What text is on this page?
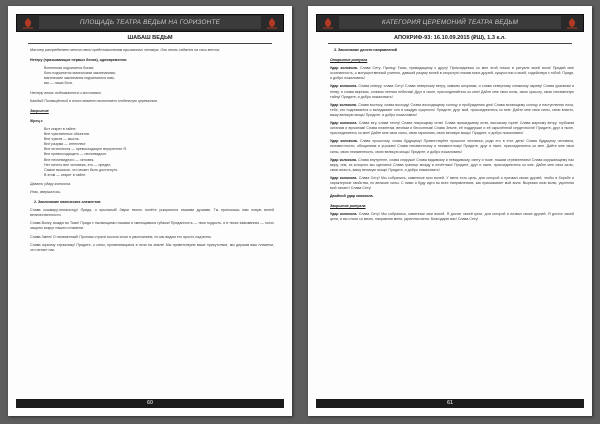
ПЛОЩАДЬ ТЕАТРА ВЕДЬМ НА ГОРИЗОНТЕ
ШАБАШ ВЕДЬМ

Мастер распределяет места пяти представителям призванных четверг. Они вновь садятся на свои места.

Нетеру (призывающие первых богов), одновременно:

Вселенная подчинится богам;

боги подчинятся магическим заклинаниям;

магические заклинания подчиняются нам;

мы — наши боги.

Нетеру вновь поднимаются и восславят.

Каждый Посвящённый в этот момент выполняет отдельную церемонию.

Закрытие

Жрец с

Вот секрет в тайне:

Вне чувственных объектов.

Вне чувств — мысль.

Вне разума — интеллект.

Вне интеллекта — превосходящее внутреннее Я.

Вне превосходящего — неочевидное.

Вне неочевидного — человек.

Нет ничего вне человека, это — предел,

Самое высокое, что может быть достигнуто.

В этом — секрет в тайне.

Давать удару колокола.

Итак, свершилось.

2. Заклинание магических элементов

Слава кошмару-ненасытцу! Придя, о крылатый! Звуки твоего полёта ускоряются нашими душами. Ты приносишь нам новую волей величественности.

Слава Волку, вождю во Тьме! Придя с пылающими глазами и смеющимися губами! Преданность — твоя гордость, и в твоих завываниях — голос защиты вокруг нашего пламени.

Слава Змею! О неизменный! Пронзая страхи тысячи сном и умолчанием, но мы видим его ярость над всем.

Слава зоркому стражнику! Придите, о силы, проявляющиеся в ночи на земле! Мы приветствуем ваше присутствие, мы держим ваш пламени, что питает нас.

60
КАТЕГОРИЯ ЦЕРЕМОНИЙ ТЕАТРА ВЕДЬМ
АПОКРИФ-93: 16.10.09.2015 (₽Ш), 1.3 к.л.

3. Заклинание десяти направлений

Открытие ритуала

Удар колокола. Слава Сету, Принцу Тьмы, приводящему к другу! Присоединись ко мне этой ночью в ритуале моей воли! Придай мне осознанность, о могущественный учитель, давший разуму волей в открытую глазам моих друзей, сущностью и моей, содействуя с тобой. Придя, и добро пожаловать!

Удар колокола. Слава северу, слава Сету! Слава северному ветру, зимним штормам, и слава северному снежному зареву! Слава ураганам и гневу, и слава мирным, сонным летним небесам! Друг и ныне, присоединяйтесь ко мне! Дайте мне свои силы, свою красоту, свою неизменную тайну! Придите, и добро пожаловать!

Удар колокола. Слава востоку, слава восходу! Слава восходящему солнцу и пробуждению дня! Слава встающему солнцу и наступлению ночи, тебе, кто поднимается и вкладывает сон в каждую сущность! Придите, друг мой, присоединитесь ко мне. Дайте мне свои силы, свою власть, вашу великую мощь! Придите, и добро пожаловать!

Удар колокола. Слава югу, слава теплу! Слава ликующему огню! Слава пришедшему огню, высокому горне! Слава жаркому ветру, глубоким океанам и вулканам! Слава планетам, вечным и бессонным! Слава Земле, её поддержке и её окрылённой сердечности! Придите, друг и ныне, присоединитесь ко мне! Дайте мне свои силы, свою гармонию, свою великую мощь! Придите, и добро пожаловать!

Удар колокола. Слава прошлому, слава будущему! Приветствуйте прошлое человека, роди его в этот день! Слава будущему человека, неизвестности, обещаниям и угрозам! Слава неизвестному и неизвестному! Придите, друг и ныне, присоединитесь ко мне. Дайте мне свои силы, свою неизменность, свою великую мощь! Придите, и добро пожаловать!

Удар колокола. Слава внутренне, слава снаружи! Слава видимому и невидимому, свету и тьме, нашим стремлениям! Слава окружающему нас миру, тем, из которого мы сделаны! Слава границе между и нечётным! Придите, друг и ныне, присоединитесь ко мне. Дайте мне свои силы, свою власть, вашу великую мощь! Придите, и добро пожаловать!

Удар колокола. Слава Сету! Мы собрались, каменные мои волей. У меня есть цель, для которой я призвал своих друзей, чтобы в борьбе и характерные свойства, но великие силы. С ними я буду идти во всех направлениях, как приказывает мой воля. Вырезаю мою волю, укрепляя мой талант! Слава Сету!

Двойной удар колокола.

Закрытие ритуала

Удар колокола. Слава Сету! Мы собрались, каменные мои волей. Я достиг своей цели, для которой я позвал своих друзей. Я достиг своей цели, и вы стали со мною, направляя меня, укрепляя меня. Благодарю вас! Слава Сету!

61
